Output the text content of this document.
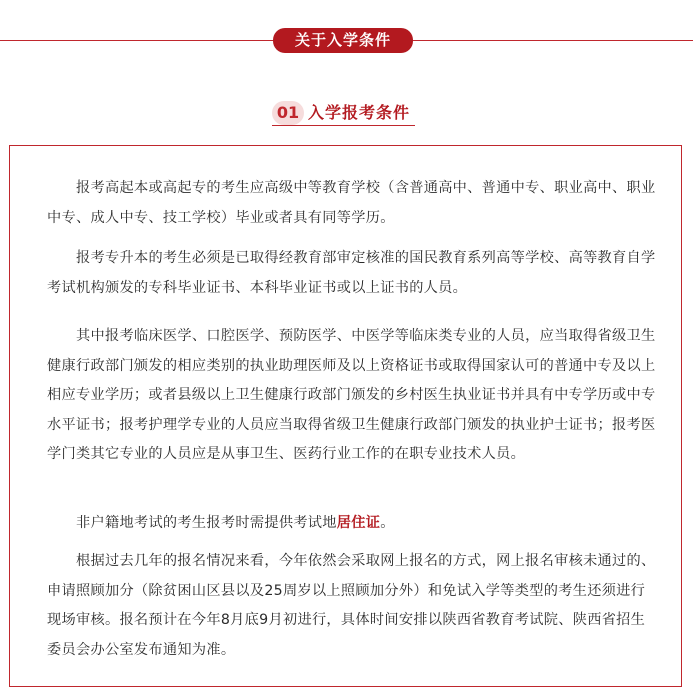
关于入学条件
01 入学报考条件

报考高起本或高起专的考生应高级中等教育学校（含普通高中、普通中专、职业高中、职业中专、成人中专、技工学校）毕业或者具有同等学历。

报考专升本的考生必须是已取得经教育部审定核准的国民教育系列高等学校、高等教育自学考试机构颁发的专科毕业证书、本科毕业证书或以上证书的人员。

其中报考临床医学、口腔医学、预防医学、中医学等临床类专业的人员，应当取得省级卫生健康行政部门颁发的相应类别的执业助理医师及以上资格证书或取得国家认可的普通中专及以上相应专业学历；或者县级以上卫生健康行政部门颁发的乡村医生执业证书并具有中专学历或中专水平证书；报考护理学专业的人员应当取得省级卫生健康行政部门颁发的执业护士证书；报考医学门类其它专业的人员应是从事卫生、医药行业工作的在职专业技术人员。

非户籍地考试的考生报考时需提供考试地居住证。

根据过去几年的报名情况来看，今年依然会采取网上报名的方式，网上报名审核未通过的、申请照顾加分（除贫困山区县以及25周岁以上照顾加分外）和免试入学等类型的考生还须进行现场审核。报名预计在今年8月底9月初进行，具体时间安排以陕西省教育考试院、陕西省招生委员会办公室发布通知为准。
